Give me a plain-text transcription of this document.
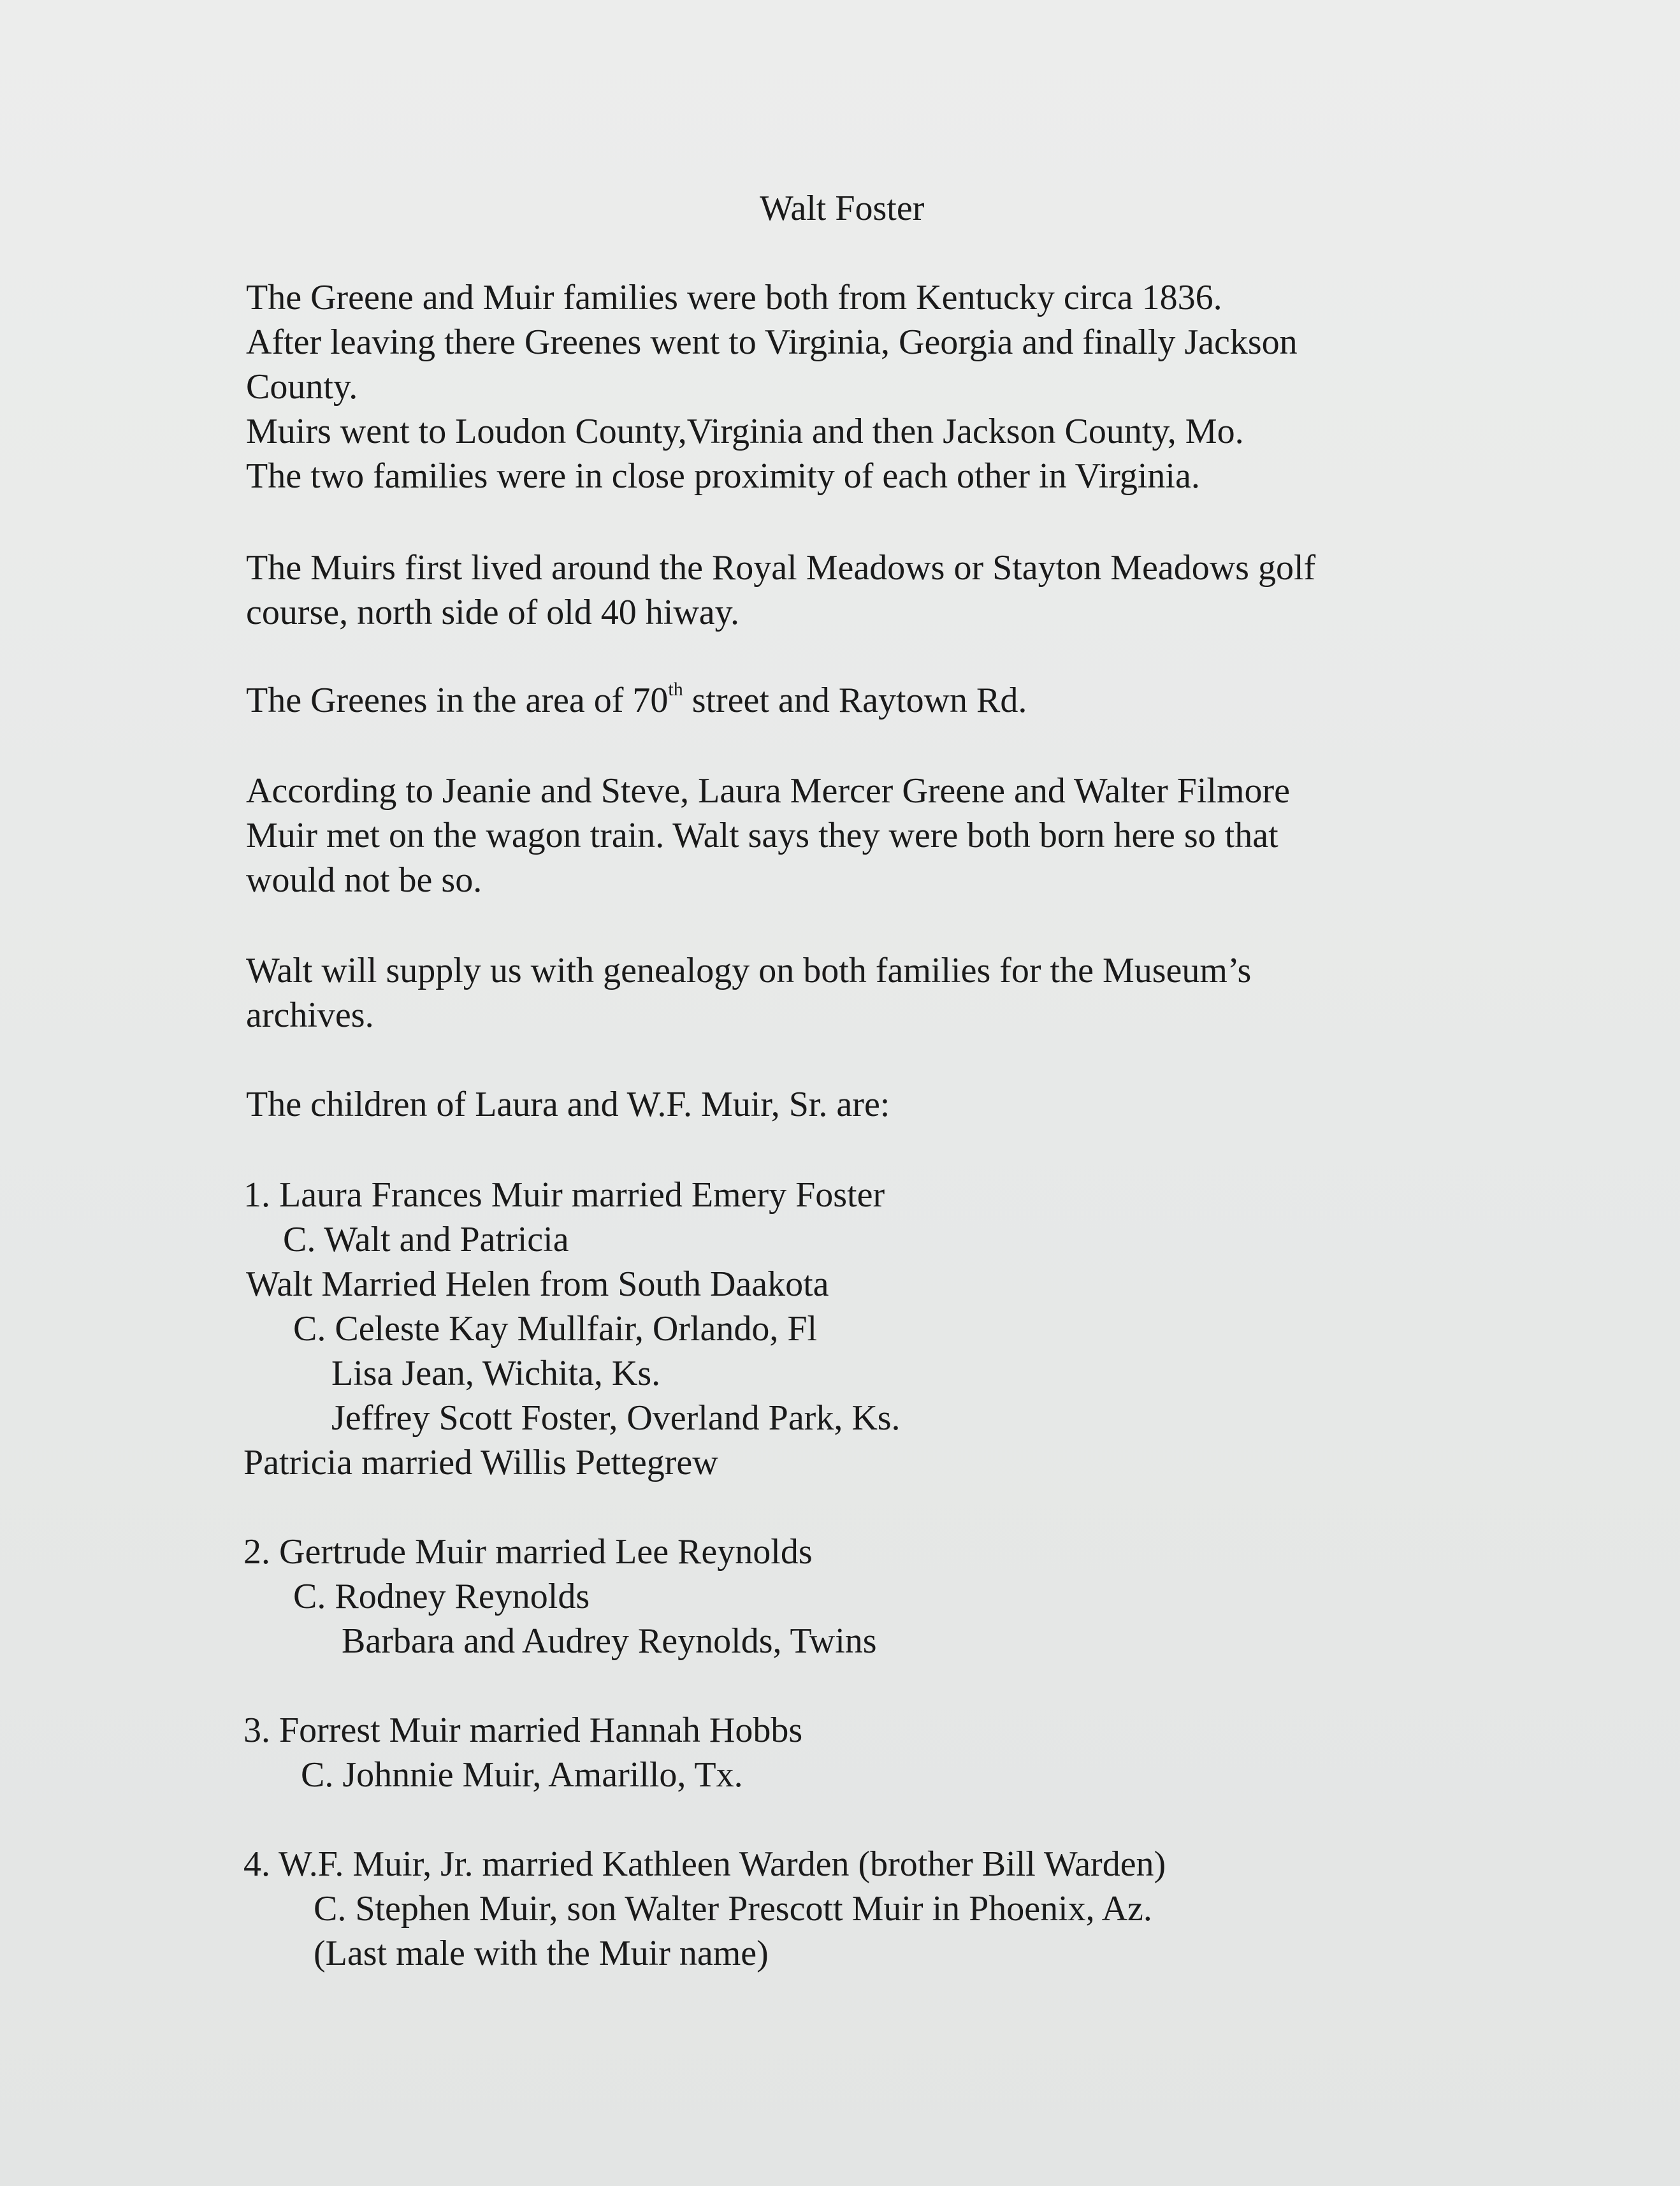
Walt Foster
The Greene and Muir families were both from Kentucky circa 1836.
After leaving there Greenes went to Virginia, Georgia and finally Jackson
County.
Muirs went to Loudon County,Virginia and then Jackson County, Mo.
The two families were in close proximity of each other in Virginia.
The Muirs first lived around the Royal Meadows or Stayton Meadows golf
course, north side of old 40 hiway.
The Greenes in the area of 70th street and Raytown Rd.
According to Jeanie and Steve, Laura Mercer Greene and Walter Filmore
Muir met on the wagon train. Walt says they were both born here so that
would not be so.
Walt will supply us with genealogy on both families for the Museum’s
archives.
The children of Laura and W.F. Muir, Sr. are:
1. Laura Frances Muir married Emery Foster
C. Walt and Patricia
Walt Married Helen from South Daakota
C. Celeste Kay Mullfair, Orlando, Fl
Lisa Jean, Wichita, Ks.
Jeffrey Scott Foster, Overland Park, Ks.
Patricia married Willis Pettegrew
2. Gertrude Muir married Lee Reynolds
C. Rodney Reynolds
Barbara and Audrey Reynolds, Twins
3. Forrest Muir married Hannah Hobbs
C. Johnnie Muir, Amarillo, Tx.
4. W.F. Muir, Jr. married Kathleen Warden (brother Bill Warden)
C. Stephen Muir, son Walter Prescott Muir in Phoenix, Az.
(Last male with the Muir name)
